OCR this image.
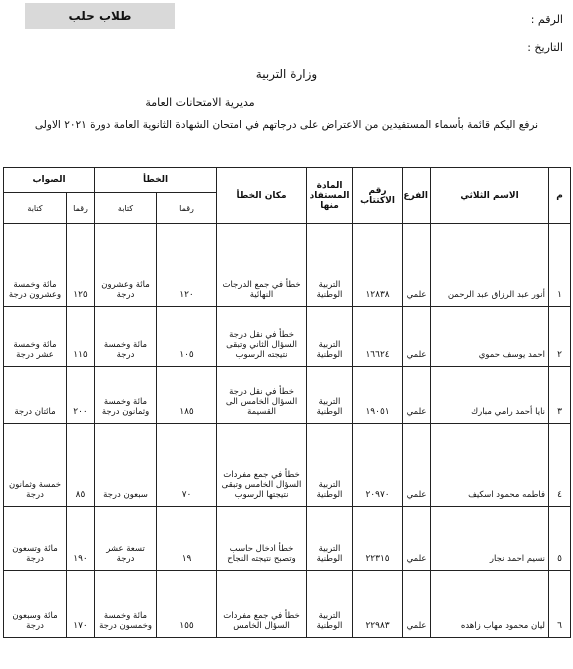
طلاب حلب	الرقم :
التاريخ :
وزارة التربية
مديرية الامتحانات العامة
نرفع اليكم قائمة بأسماء المستفيدين من الاعتراض على درجاتهم في امتحان الشهادة الثانوية العامة دورة ٢٠٢١ الاولى
م	الاسم الثلاثي	الفرع	رقم الاكتتاب	المادة المستفاد منها	مكان الخطأ	الخطأ		الصواب	
						رقما	كتابة	رقما	كتابة
١	أنور عبد الرزاق عبد الرحمن	علمي	١٢٨٣٨	التربية الوطنية	خطأ في جمع الدرجات النهائية	١٢٠	مائة وعشرون درجة	١٢٥	مائة وخمسة وعشرون درجة
٢	احمد يوسف حموي	علمي	١٦٦٢٤	التربية الوطنية	خطأ في نقل درجة السؤال الثاني وتبقى نتيجته الرسوب	١٠٥	مائة وخمسة درجة	١١٥	مائة وخمسة عشر درجة
٣	نايا أحمد رامي مبارك	علمي	١٩٠٥١	التربية الوطنية	خطأ في نقل درجة السؤال الخامس الى القسيمة	١٨٥	مائة وخمسة وثمانون درجة	٢٠٠	مائتان درجة
٤	فاطمه محمود اسكيف	علمي	٢٠٩٧٠	التربية الوطنية	خطأ في جمع مفردات السؤال الخامس وتبقى نتيجتها الرسوب	٧٠	سبعون درجة	٨٥	خمسة وثمانون درجة
٥	نسيم احمد نجار	علمي	٢٢٣١٥	التربية الوطنية	خطأ ادخال حاسب وتصبح نتيجته النجاح	١٩	تسعة عشر درجة	١٩٠	مائة وتسعون درجة
٦	ليان محمود مهاب زاهده	علمي	٢٢٩٨٣	التربية الوطنية	خطأ في جمع مفردات السؤال الخامس	١٥٥	مائة وخمسة وخمسون درجة	١٧٠	مائة وسبعون درجة
